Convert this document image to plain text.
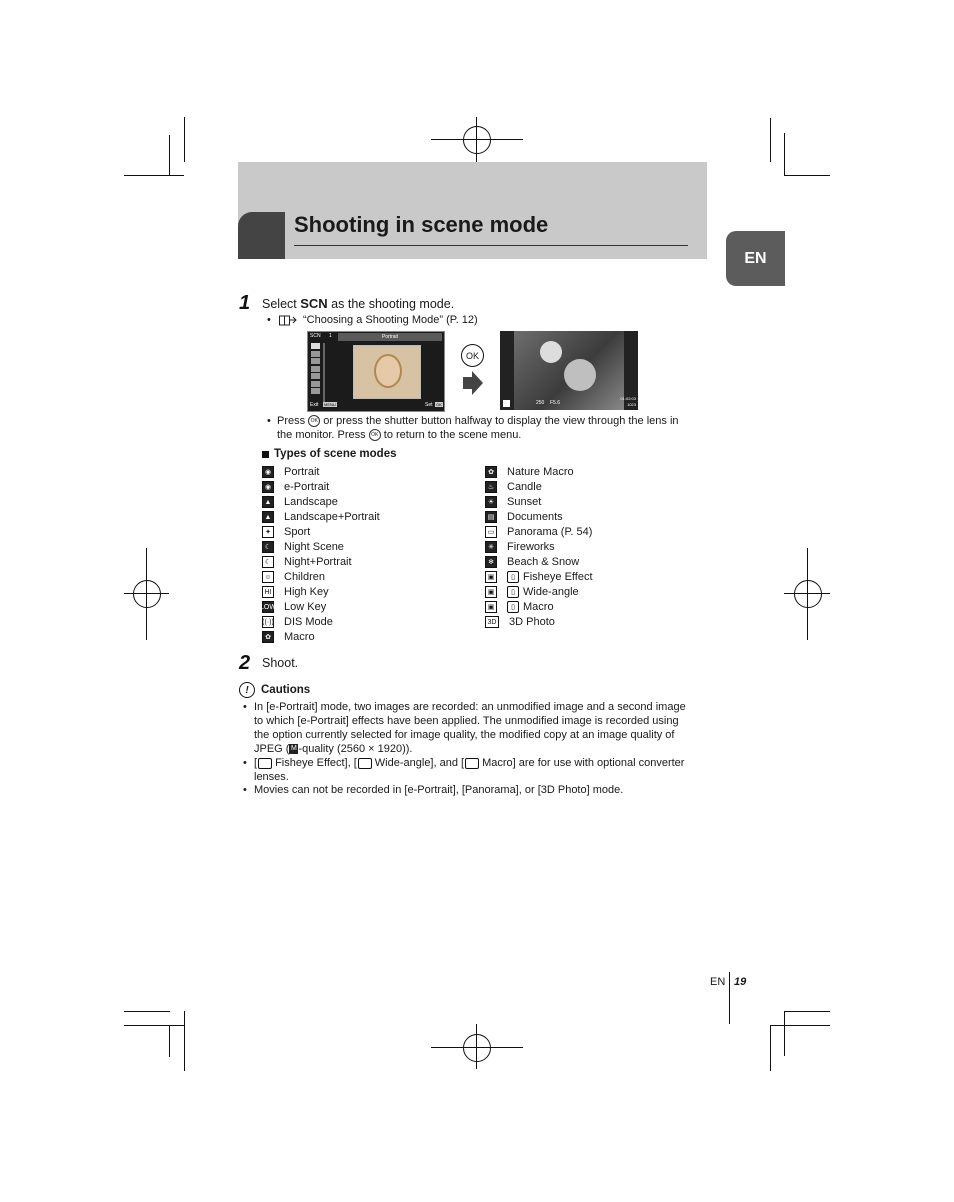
Shooting in scene mode
EN
1 Select SCN as the shooting mode.
•	“Choosing a Shooting Mode” (P. 12)
SCN 1	Portrait
Exit MENU	Set OK
OK
250 F5.6
01:02:03
1023
• Press OK or press the shutter button halfway to display the view through the lens in
the monitor. Press OK to return to the scene menu.
Types of scene modes
◉ Portrait
◉ e-Portrait
▲ Landscape
▲ Landscape+Portrait
✦ Sport
☾ Night Scene
☾ Night+Portrait
☺ Children
HI High Key
LOW Low Key
((·)) DIS Mode
✿ Macro
✿ Nature Macro
♨ Candle
☀ Sunset
▤ Documents
▭ Panorama (P. 54)
✳ Fireworks
❄ Beach & Snow
▣	▯ Fisheye Effect
▣	▯ Wide-angle
▣	▯ Macro
3D 3D Photo
2 Shoot.
!	Cautions
• In [e-Portrait] mode, two images are recorded: an unmodified image and a second image
to which [e-Portrait] effects have been applied. The unmodified image is recorded using
the option currently selected for image quality, the modified copy at an image quality of
JPEG ( M -quality (2560 × 1920)).
• [ Fisheye Effect], [ Wide-angle], and [ Macro] are for use with optional converter
lenses.
• Movies can not be recorded in [e-Portrait], [Panorama], or [3D Photo] mode.
EN 19
